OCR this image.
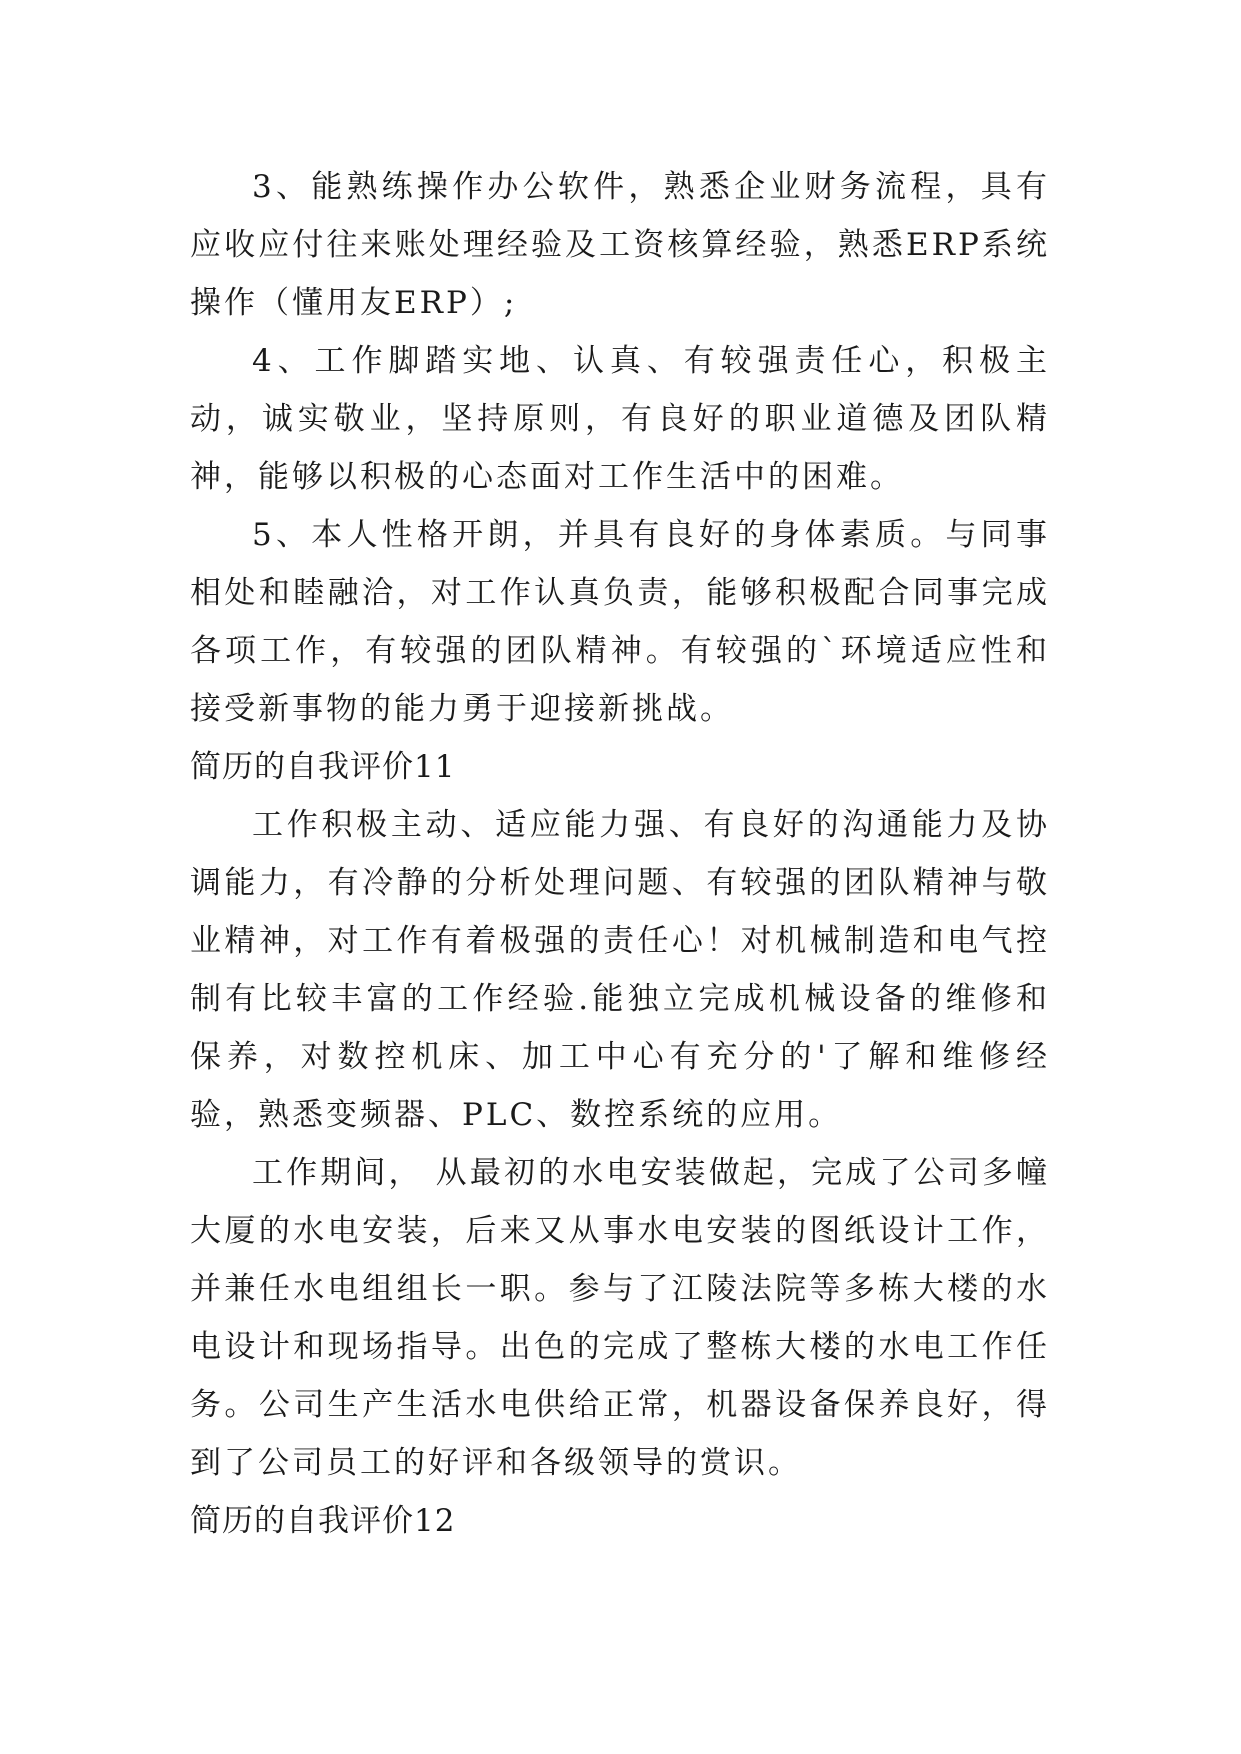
3、能熟练操作办公软件，熟悉企业财务流程，具有应收应付往来账处理经验及工资核算经验，熟悉ERP系统操作（懂用友ERP）;

4、工作脚踏实地、认真、有较强责任心，积极主动，诚实敬业，坚持原则，有良好的职业道德及团队精神，能够以积极的心态面对工作生活中的困难。

5、本人性格开朗，并具有良好的身体素质。与同事相处和睦融洽，对工作认真负责，能够积极配合同事完成各项工作，有较强的团队精神。有较强的`环境适应性和接受新事物的能力勇于迎接新挑战。

简历的自我评价11

工作积极主动、适应能力强、有良好的沟通能力及协调能力，有冷静的分析处理问题、有较强的团队精神与敬业精神，对工作有着极强的责任心！对机械制造和电气控制有比较丰富的工作经验.能独立完成机械设备的维修和保养，对数控机床、加工中心有充分的'了解和维修经验，熟悉变频器、PLC、数控系统的应用。

工作期间， 从最初的水电安装做起，完成了公司多幢大厦的水电安装，后来又从事水电安装的图纸设计工作，并兼任水电组组长一职。参与了江陵法院等多栋大楼的水电设计和现场指导。出色的完成了整栋大楼的水电工作任务。公司生产生活水电供给正常，机器设备保养良好，得到了公司员工的好评和各级领导的赏识。

简历的自我评价12
